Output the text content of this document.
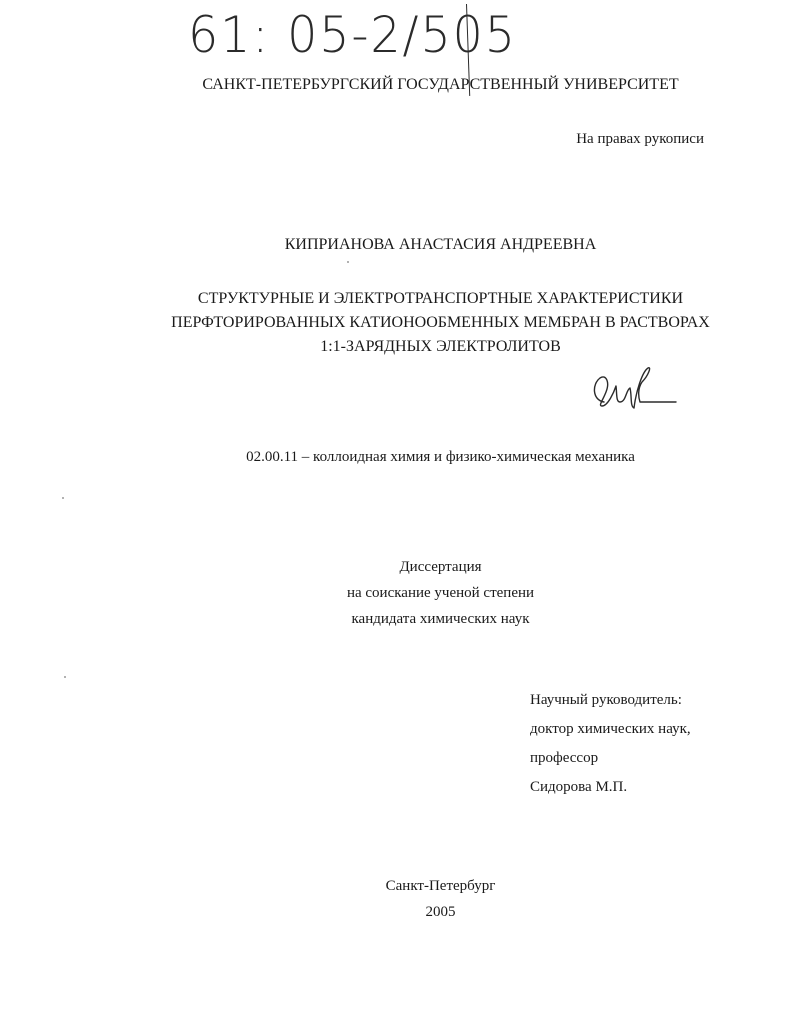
61: 05-2/505
САНКТ-ПЕТЕРБУРГСКИЙ ГОСУДАРСТВЕННЫЙ УНИВЕРСИТЕТ
На правах рукописи
КИПРИАНОВА АНАСТАСИЯ АНДРЕЕВНА
СТРУКТУРНЫЕ И ЭЛЕКТРОТРАНСПОРТНЫЕ ХАРАКТЕРИСТИКИ
ПЕРФТОРИРОВАННЫХ КАТИОНООБМЕННЫХ МЕМБРАН В РАСТВОРАХ
1:1-ЗАРЯДНЫХ ЭЛЕКТРОЛИТОВ
02.00.11 – коллоидная химия и физико-химическая механика
Диссертация
на соискание ученой степени
кандидата химических наук
Научный руководитель:
доктор химических наук,
профессор
Сидорова М.П.
Санкт-Петербург
2005
